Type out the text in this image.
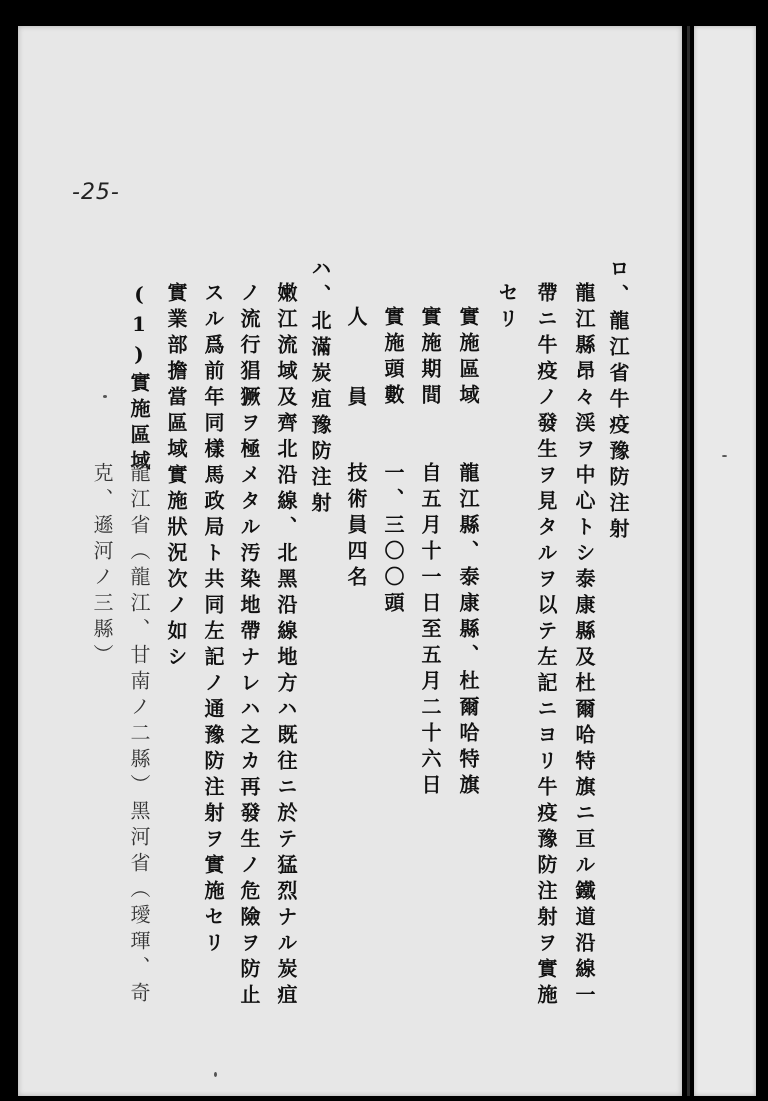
-25-
ロ、龍江省牛疫豫防注射
龍江縣昂々渓ヲ中心トシ泰康縣及杜爾哈特旗ニ亘ル鐵道沿線一
帶ニ牛疫ノ發生ヲ見タルヲ以テ左記ニヨリ牛疫豫防注射ヲ實施
セリ
實施區域
龍江縣、泰康縣、杜爾哈特旗
實施期間
自五月十一日至五月二十六日
實施頭數
一、三〇〇頭
人
員
技術員四名
ハ、北滿炭疽豫防注射
嫩江流域及齊北沿線、北黑沿線地方ハ既往ニ於テ猛烈ナル炭疽
ノ流行猖獗ヲ極メタル汚染地帶ナレハ之カ再發生ノ危險ヲ防止
スル爲前年同樣馬政局ト共同左記ノ通豫防注射ヲ實施セリ
實業部擔當區域實施狀況次ノ如シ
(1)實施區域
龍江省（龍江、甘南ノ二縣）黑河省（璦琿、奇
克、遜河ノ三縣）
